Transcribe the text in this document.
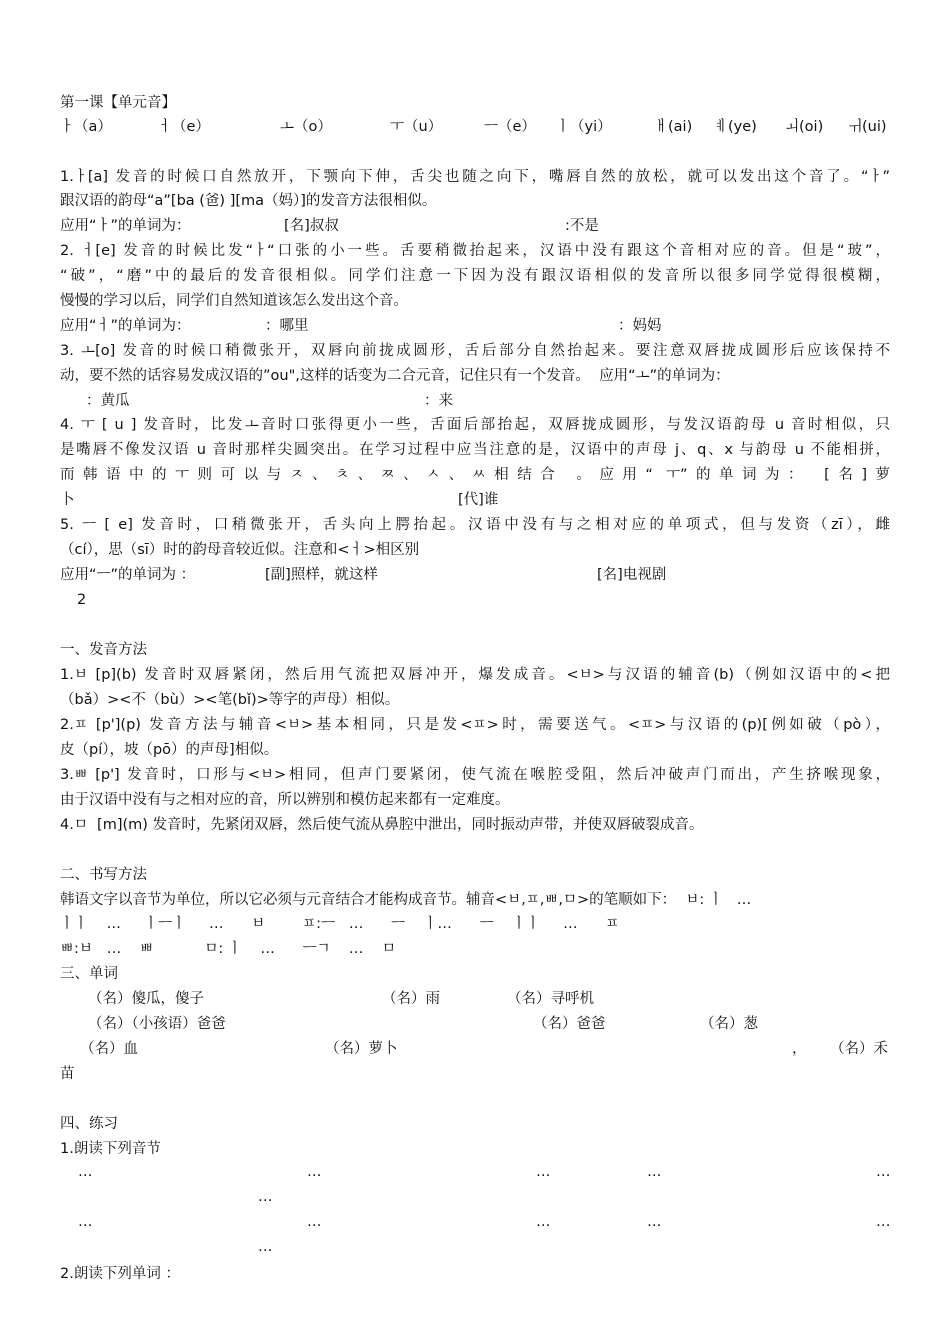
第一课【单元音】
ㅏ（a）	ㅓ（e）	ㅗ（o）	ㅜ（u）	ㅡ（e） ㅣ（yi）	ㅐ(ai) ㅖ(ye) ㅚ(oi) ㅟ(ui)
1.ㅏ[a] 发音的时候口自然放开，下颚向下伸，舌尖也随之向下，嘴唇自然的放松，就可以发出这个音了。“ㅏ”
跟汉语的韵母“a”[ba (爸) ][ma（妈）]的发音方法很相似。
应用“ㅏ”的单词为：	[名]叔叔	:不是
2. ㅓ[e] 发音的时候比发“ㅏ“口张的小一些。舌要稍微抬起来，汉语中没有跟这个音相对应的音。但是“玻”，
“破”，“磨”中的最后的发音很相似。同学们注意一下因为没有跟汉语相似的发音所以很多同学觉得很模糊，
慢慢的学习以后，同学们自然知道该怎么发出这个音。
应用“ㅓ”的单词为：	：哪里	：妈妈
3. ㅗ[o] 发音的时候口稍微张开，双唇向前拢成圆形，舌后部分自然抬起来。要注意双唇拢成圆形后应该保持不
动，要不然的话容易发成汉语的”ou",这样的话变为二合元音，记住只有一个发音。  应用“ㅗ”的单词为：
：黄瓜	：来
4. ㅜ [ u ] 发音时，比发ㅗ音时口张得更小一些，舌面后部抬起，双唇拢成圆形，与发汉语韵母 u 音时相似，只
是嘴唇不像发汉语 u 音时那样尖圆突出。在学习过程中应当注意的是，汉语中的声母 j、q、x 与韵母 u 不能相拼，
而韩语中的ㅜ则可以与ㅈ、ㅊ、ㅉ、ㅅ、ㅆ相结合 。应用“ ㅜ”的单词为： [名]萝
卜	[代]谁
5. ㅡ [ e] 发音时，口稍微张开，舌头向上腭抬起。汉语中没有与之相对应的单项式，但与发资（zī），雌
（cí），思（sī）时的韵母音较近似。注意和<ㅓ>相区别
应用“ㅡ”的单词为 ：	[副]照样，就这样	[名]电视剧
2
一、发音方法
1.ㅂ [p](b) 发音时双唇紧闭，然后用气流把双唇冲开，爆发成音。<ㅂ>与汉语的辅音(b)（例如汉语中的<把
（bǎ）><不（bù）><笔(bǐ)>等字的声母）相似。
2.ㅍ [p'](p) 发音方法与辅音<ㅂ>基本相同，只是发<ㅍ>时，需要送气。<ㅍ>与汉语的(p)[例如破（pò），
皮（pí），坡（pō）的声母]相似。
3.ㅃ [p'] 发音时，口形与<ㅂ>相同，但声门要紧闭，使气流在喉腔受阻，然后冲破声门而出，产生挤喉现象，
由于汉语中没有与之相对应的音，所以辨别和模仿起来都有一定难度。
4.ㅁ  [m](m) 发音时，先紧闭双唇，然后使气流从鼻腔中泄出，同时振动声带，并使双唇破裂成音。
二、书写方法
韩语文字以音节为单位，所以它必须与元音结合才能构成音节。辅音<ㅂ,ㅍ,ㅃ,ㅁ>的笔顺如下：  ㅂ: ㅣ   …
ㅣㅣ    …     ㅣㅡㅣ     …      ㅂ        ㅍ:ㅡ   …      ㅡ    ㅣ…      ㅡ    ㅣㅣ     …      ㅍ
ㅃ:ㅂ   …    ㅃ           ㅁ: ㅣ    …      ㅡㄱ    …    ㅁ
三、单词
（名）傻瓜，傻子	（名）雨	（名）寻呼机
（名）（小孩语）爸爸	（名）爸爸	（名）葱
（名）血	（名）萝卜	， （名）禾
苗
四、练习
1.朗读下列音节
…	…	…	…	…
…
…	…	…	…	…
…
2.朗读下列单词 ：
